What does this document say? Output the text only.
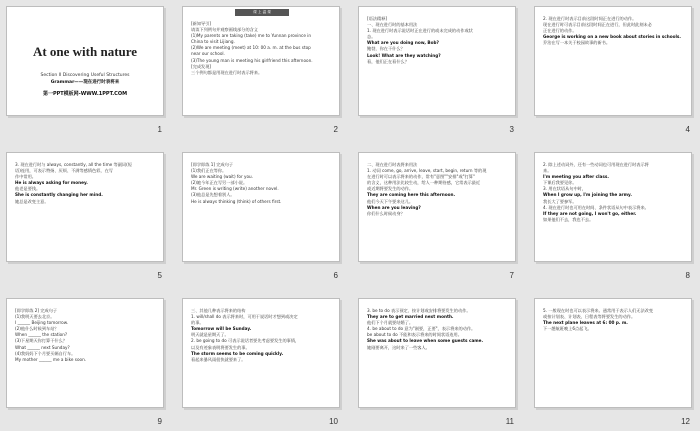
At one with nature
Section II Discovering Useful Structures
Grammar——现在进行时表将来
第一PPT模板网-WWW.1PPT.COM
1
课 上 温 课
[新知导引]
请读下列例句并观察画线部分的含义
(1)My parents are taking (take) me to Yunnan province in
China to visit Lijiang.
(2)We are meeting (meet) at 10: 00 a. m. at the bus stop
near our school.
(3)The young man is meeting his girlfriend this afternoon.
[完成发现]
三个例句都是用现在进行时表示将来。
2
[语法精释]
一、现在进行时的基本用法
1. 现在进行时表示说话时正在进行的或未完成的动作或状
态。
What are you doing now, Bob?
鲍勃，你在干什么？
Look! What are they watching?
看，他们正在看什么？
3
2. 现在进行时表示目前这段时间正在进行的动作。
现在进行时可表示目前这段时间正在进行，但此时此刻未必
正在进行的动作。
George is working on a new book about stories in schools.
乔治在写一本关于校园故事的新书。
4
3. 现在进行时与 always, constantly, all the time 等副词(短
语)连用，可表示赞扬、厌烦、不满等感情色彩，在写
作中常用。
He is always asking for money.
他老是要钱。
She is constantly changing her mind.
她总是改变主意。
5
[即学即练 1] 完成句子
(1)我们正在等你。
We are waiting (wait) for you.
(2)她今年正在写另一部小说。
Mr. Green is writing (write) another novel.
(3)他总是先想着别人。
He is always thinking (think) of others first.
6
二、现在进行时表将来用法
1. 动词 come, go, arrive, leave, start, begin, return 等的现
在进行时可以表示将来的动作，常有"意图""安排"或"打算"
的含义，这种用法比较生动，给人一种期待感，它常表示最近
或近期将要发生的动作。
They are coming here this afternoon.
他们今天下午要来这儿。
When are you leaving?
你们什么时候动身？
7
2. 除上述动词外，还有一些动词也可用现在进行时表示将
来。
I'm meeting you after class.
下课后我要见你。
3. 用在状语从句中时，
When I grow up, I'm joining the army.
我长大了要参军。
4. 现在进行时也可用在时间、条件状语从句中表示将来。
If they are not going, I won't go, either.
如果他们不去，我也不去。
8
[即学即练 2] 完成句子
(1)我明天要去北京。
I ______ Beijing tomorrow.
(2)他什么时候到车站？
When ______ the station?
(3)下星期天你打算干什么？
What ______ next Sunday?
(4)我妈妈下个月要买辆自行车。
My mother ______ me a bike soon.
9
三、其他几种表示将来的结构
1. will/shall do 表示将来时，可用于说话时才想到或决定
的事。
Tomorrow will be Sunday.
明天就是星期天了。
2. be going to do 可表示说话者要先考虑要发生的事情，
以及有迹象表明将要发生的事。
The storm seems to be coming quickly.
看起来暴风雨很快就要来了。
10
3. be to do 表示预定、按计划或安排将要发生的动作。
They are to get married next month.
他们下个月就要结婚了。
4. be about to do 意为"刚要，正要"，表示将来的动作。
be about to do 不能和表示将来的时间状语连用。
She was about to leave when some guests came.
她刚要离开，这时来了一些客人。
11
5. 一般现在时也可以表示将来。通常用于表示人们无法改变
或按计划表、计划表、日程表等将要发生的动作。
The next plane leaves at 6: 00 p. m.
下一趟航班晚上6点起飞。
12
